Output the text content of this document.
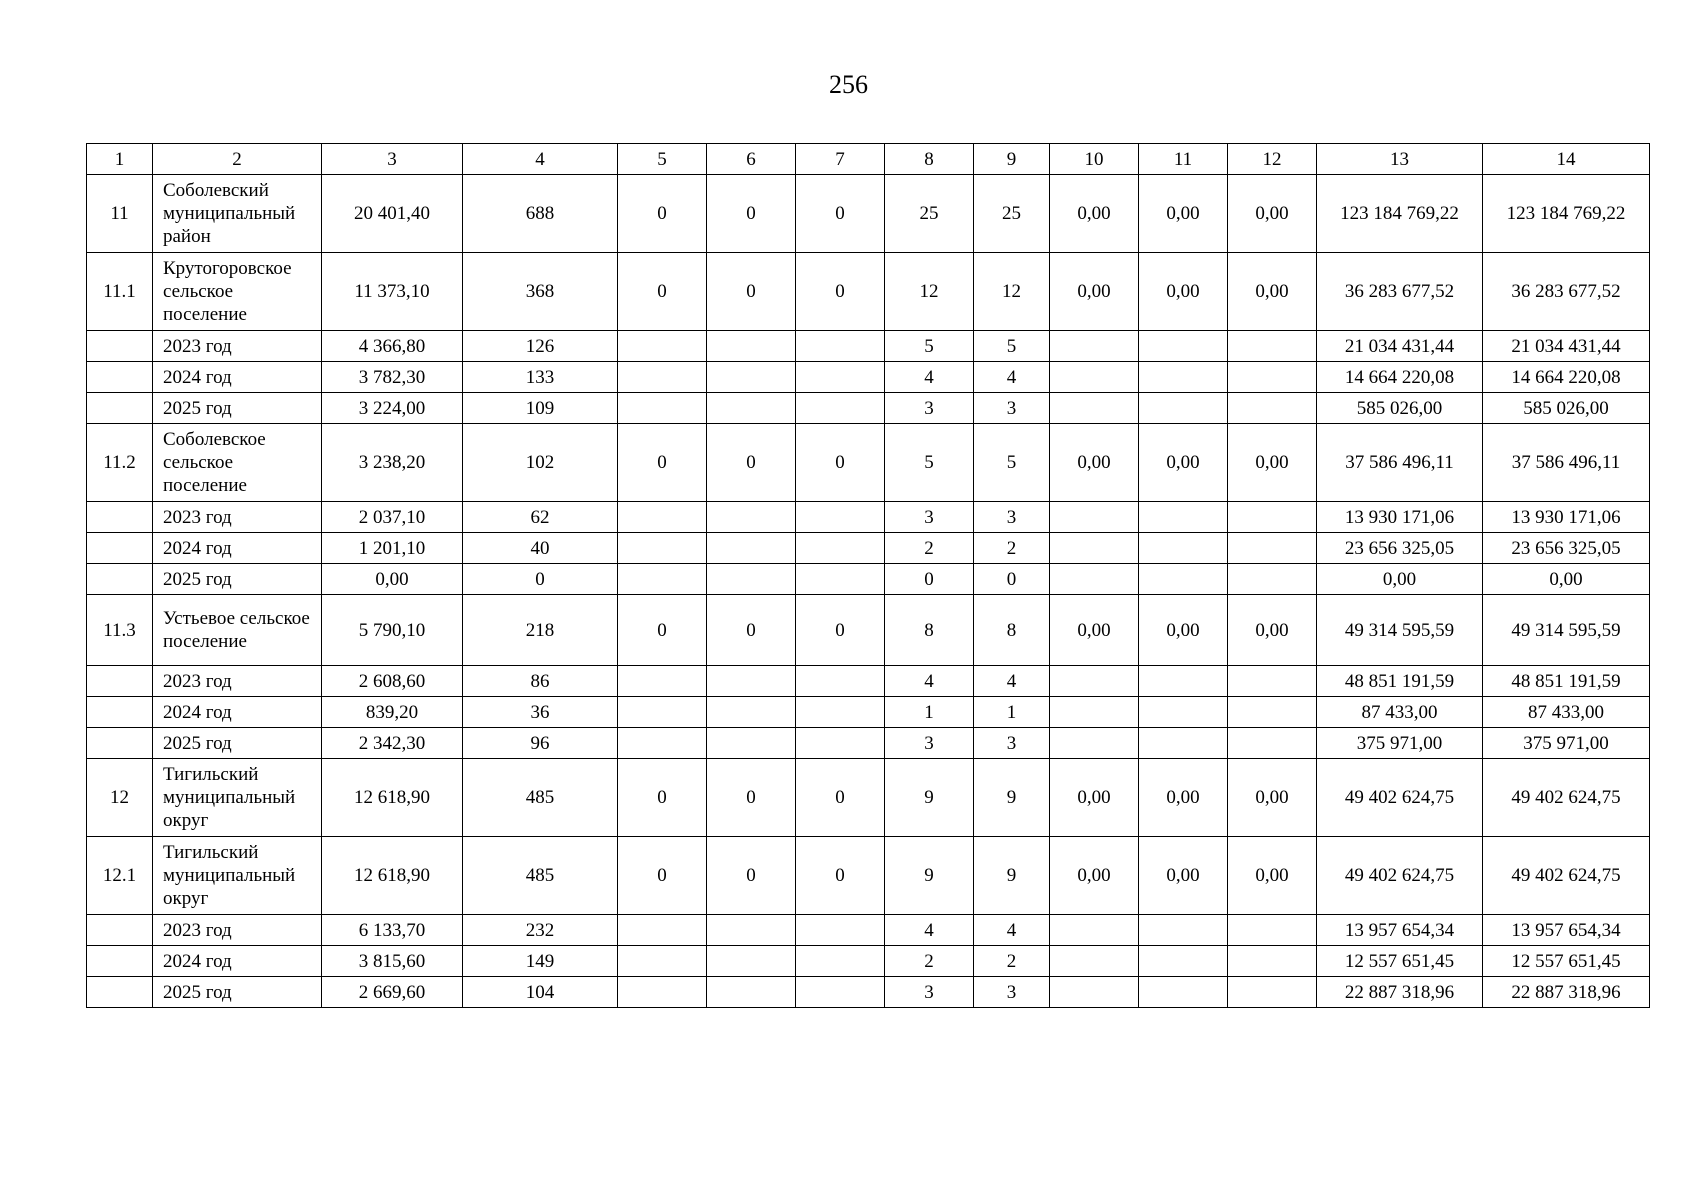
256
1	2	3	4	5	6	7	8	9	10	11	12	13	14
11	Соболевский муниципальный район	20 401,40	688	0	0	0	25	25	0,00	0,00	0,00	123 184 769,22	123 184 769,22
11.1	Крутогоровское сельское поселение	11 373,10	368	0	0	0	12	12	0,00	0,00	0,00	36 283 677,52	36 283 677,52
	2023 год	4 366,80	126				5	5				21 034 431,44	21 034 431,44
	2024 год	3 782,30	133				4	4				14 664 220,08	14 664 220,08
	2025 год	3 224,00	109				3	3				585 026,00	585 026,00
11.2	Соболевское сельское поселение	3 238,20	102	0	0	0	5	5	0,00	0,00	0,00	37 586 496,11	37 586 496,11
	2023 год	2 037,10	62				3	3				13 930 171,06	13 930 171,06
	2024 год	1 201,10	40				2	2				23 656 325,05	23 656 325,05
	2025 год	0,00	0				0	0				0,00	0,00
11.3	Устьевое сельское поселение	5 790,10	218	0	0	0	8	8	0,00	0,00	0,00	49 314 595,59	49 314 595,59
	2023 год	2 608,60	86				4	4				48 851 191,59	48 851 191,59
	2024 год	839,20	36				1	1				87 433,00	87 433,00
	2025 год	2 342,30	96				3	3				375 971,00	375 971,00
12	Тигильский муниципальный округ	12 618,90	485	0	0	0	9	9	0,00	0,00	0,00	49 402 624,75	49 402 624,75
12.1	Тигильский муниципальный округ	12 618,90	485	0	0	0	9	9	0,00	0,00	0,00	49 402 624,75	49 402 624,75
	2023 год	6 133,70	232				4	4				13 957 654,34	13 957 654,34
	2024 год	3 815,60	149				2	2				12 557 651,45	12 557 651,45
	2025 год	2 669,60	104				3	3				22 887 318,96	22 887 318,96
